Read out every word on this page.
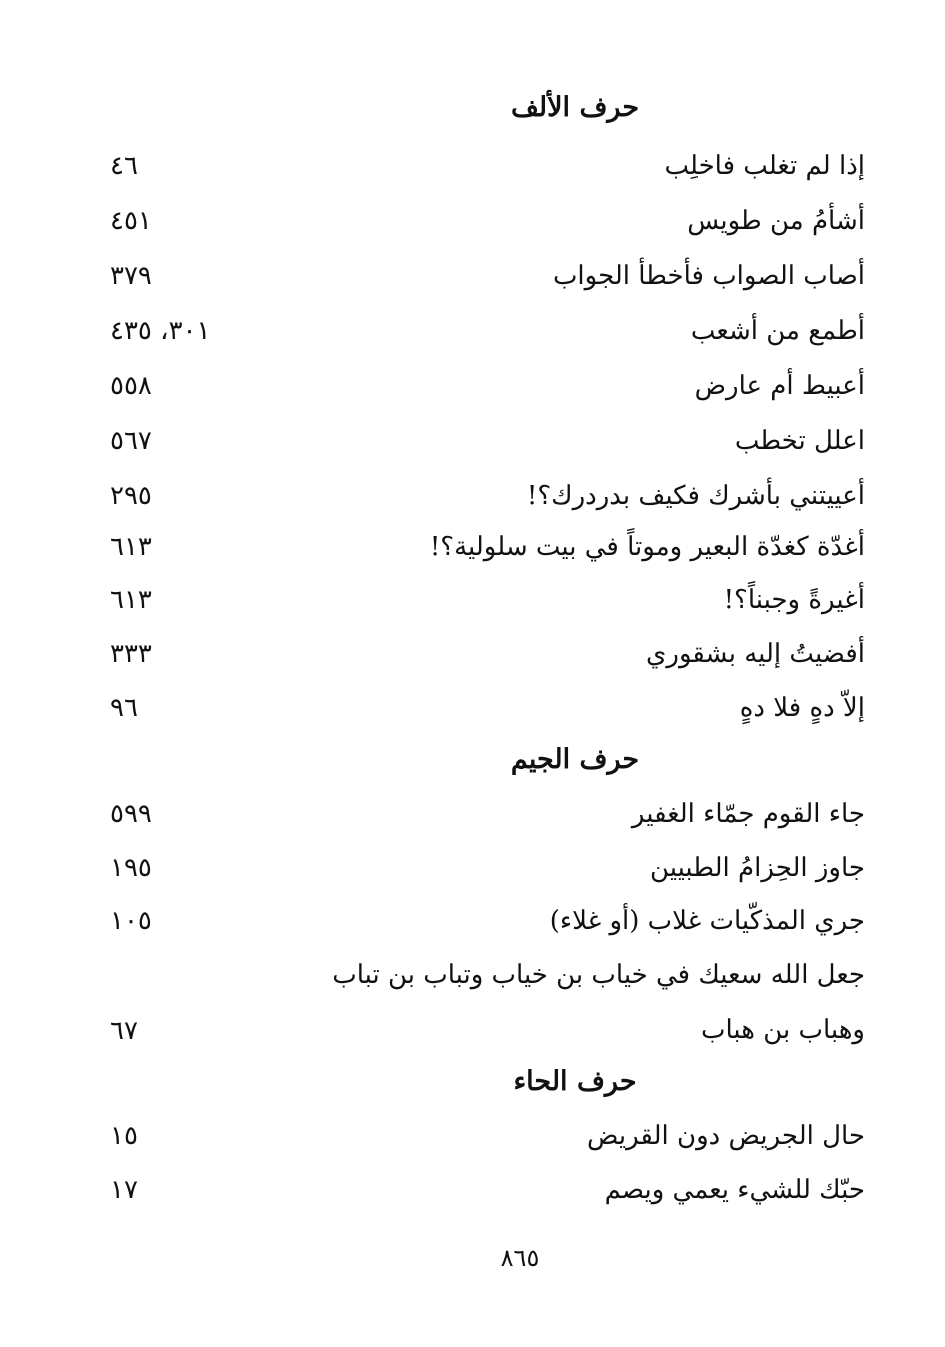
حرف الألف
إذا لم تغلب فاخلِب
٤٦
أشأمُ من طويس
٤٥١
أصاب الصواب فأخطأ الجواب
٣٧٩
أطمع من أشعب
٣٠١، ٤٣٥
أعبيط أم عارض
٥٥٨
اعلل تخطب
٥٦٧
أعييتني بأشرك فكيف بدردرك؟!
٢٩٥
أغدّة كغدّة البعير وموتاً في بيت سلولية؟!
٦١٣
أغيرةً وجبناً؟!
٦١٣
أفضيتُ إليه بشقوري
٣٣٣
إلاّ دهٍ فلا دهٍ
٩٦
حرف الجيم
جاء القوم جمّاء الغفير
٥٩٩
جاوز الحِزامُ الطبيين
١٩٥
جري المذكّيات غلاب (أو غلاء)
١٠٥
جعل الله سعيك في خياب بن خياب وتباب بن تباب وهباب بن هباب
٦٧
حرف الحاء
حال الجريض دون القريض
١٥
حبّك للشيء يعمي ويصم
١٧
٨٦٥
